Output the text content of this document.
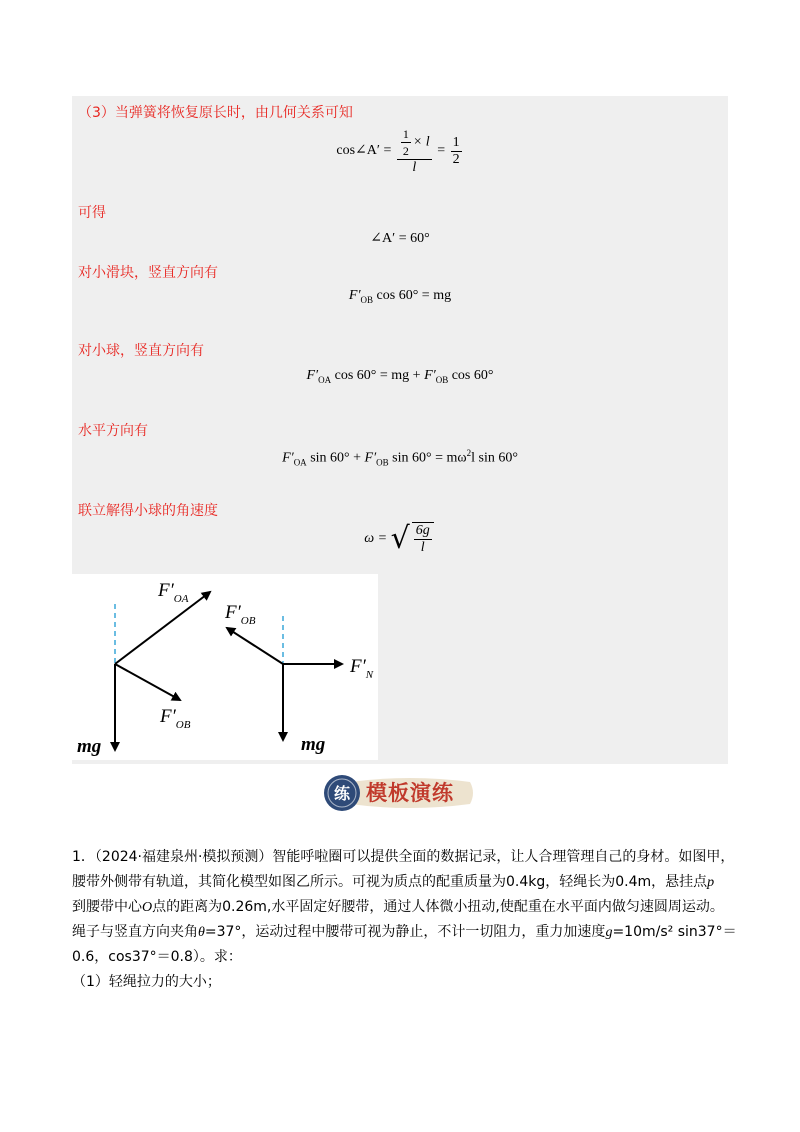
（3）当弹簧将恢复原长时，由几何关系可知
cos∠A′ = $\frac{\frac{1}{2} \times l}{l} = \frac{1}{2}$
可得
∠A′ = 60°
对小滑块，竖直方向有
$F'_{OB}$ cos 60° = mg
对小球，竖直方向有
$F'_{OA}$ cos 60° = mg + $F'_{OB}$ cos 60°
水平方向有
$F'_{OA}$ $\sin 60^\circ + F'_{OB}$ $\sin 60^\circ = m\omega^2l$ sin 60°
联立解得小球的角速度
ω = √ $\frac{6g}{l}$
$F'_{OA}$
$F'_{OB}$
mg
$F'_{OB}$
$F'_N$
mg
练 模板演练

1．（2024·福建泉州·模拟预测）智能呼啦圈可以提供全面的数据记录，让人合理管理自己的身材。如图甲，

腰带外侧带有轨道，其简化模型如图乙所示。可视为质点的配重质量为0.4kg，轻绳长为0.4m，悬挂点p

到腰带中心O点的距离为0.26m,水平固定好腰带，通过人体微小扭动,使配重在水平面内做匀速圆周运动。

绳子与竖直方向夹角θ=37°，运动过程中腰带可视为静止，不计一切阻力，重力加速度g=10m/s² sin37°＝

0.6，cos37°＝0.8）。求：

（1）轻绳拉力的大小；
